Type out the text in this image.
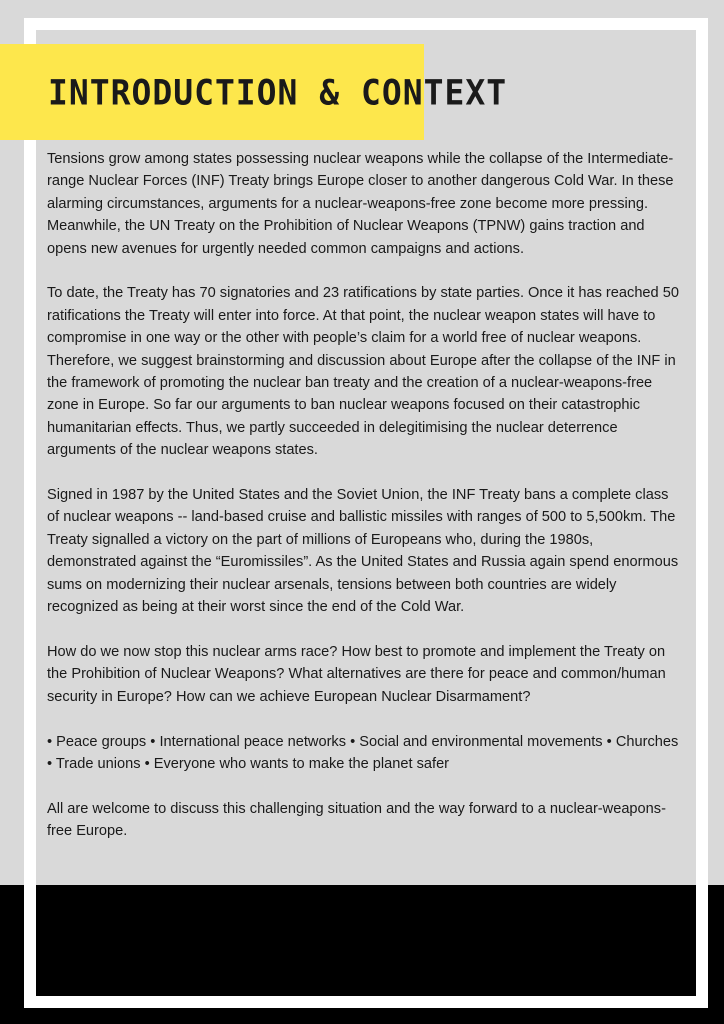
INTRODUCTION & CONTEXT

Tensions grow among states possessing nuclear weapons while the collapse of the Intermediate-range Nuclear Forces (INF) Treaty brings Europe closer to another dangerous Cold War. In these alarming circumstances, arguments for a nuclear-weapons-free zone become more pressing. Meanwhile, the UN Treaty on the Prohibition of Nuclear Weapons (TPNW) gains traction and opens new avenues for urgently needed common campaigns and actions.

To date, the Treaty has 70 signatories and 23 ratifications by state parties. Once it has reached 50 ratifications the Treaty will enter into force. At that point, the nuclear weapon states will have to compromise in one way or the other with people’s claim for a world free of nuclear weapons. Therefore, we suggest brainstorming and discussion about Europe after the collapse of the INF in the framework of promoting the nuclear ban treaty and the creation of a nuclear-weapons-free zone in Europe. So far our arguments to ban nuclear weapons focused on their catastrophic humanitarian effects. Thus, we partly succeeded in delegitimising the nuclear deterrence arguments of the nuclear weapons states.

Signed in 1987 by the United States and the Soviet Union, the INF Treaty bans a complete class of nuclear weapons -- land-based cruise and ballistic missiles with ranges of 500 to 5,500km. The Treaty signalled a victory on the part of millions of Europeans who, during the 1980s, demonstrated against the “Euromissiles”. As the United States and Russia again spend enormous sums on modernizing their nuclear arsenals, tensions between both countries are widely recognized as being at their worst since the end of the Cold War.

How do we now stop this nuclear arms race? How best to promote and implement the Treaty on the Prohibition of Nuclear Weapons? What alternatives are there for peace and common/human security in Europe? How can we achieve European Nuclear Disarmament?

• Peace groups • International peace networks • Social and environmental movements • Churches • Trade unions • Everyone who wants to make the planet safer

All are welcome to discuss this challenging situation and the way forward to a nuclear-weapons-free Europe.
